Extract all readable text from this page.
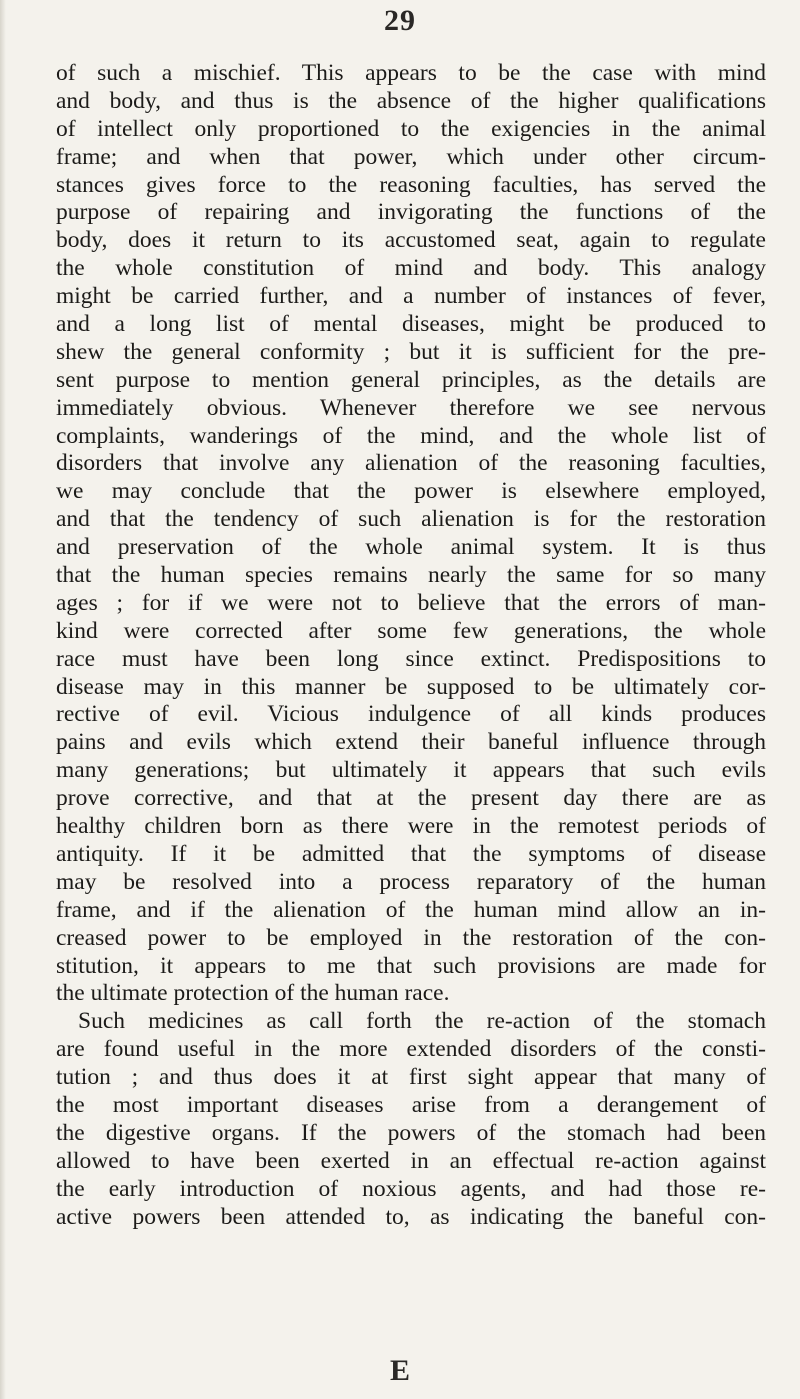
29
of such a mischief. This appears to be the case with mind
and body, and thus is the absence of the higher qualifications
of intellect only proportioned to the exigencies in the animal
frame; and when that power, which under other circum-
stances gives force to the reasoning faculties, has served the
purpose of repairing and invigorating the functions of the
body, does it return to its accustomed seat, again to regulate
the whole constitution of mind and body. This analogy
might be carried further, and a number of instances of fever,
and a long list of mental diseases, might be produced to
shew the general conformity ; but it is sufficient for the pre-
sent purpose to mention general principles, as the details are
immediately obvious. Whenever therefore we see nervous
complaints, wanderings of the mind, and the whole list of
disorders that involve any alienation of the reasoning faculties,
we may conclude that the power is elsewhere employed,
and that the tendency of such alienation is for the restoration
and preservation of the whole animal system. It is thus
that the human species remains nearly the same for so many
ages ; for if we were not to believe that the errors of man-
kind were corrected after some few generations, the whole
race must have been long since extinct. Predispositions to
disease may in this manner be supposed to be ultimately cor-
rective of evil. Vicious indulgence of all kinds produces
pains and evils which extend their baneful influence through
many generations; but ultimately it appears that such evils
prove corrective, and that at the present day there are as
healthy children born as there were in the remotest periods of
antiquity. If it be admitted that the symptoms of disease
may be resolved into a process reparatory of the human
frame, and if the alienation of the human mind allow an in-
creased power to be employed in the restoration of the con-
stitution, it appears to me that such provisions are made for
the ultimate protection of the human race.
Such medicines as call forth the re-action of the stomach
are found useful in the more extended disorders of the consti-
tution ; and thus does it at first sight appear that many of
the most important diseases arise from a derangement of
the digestive organs. If the powers of the stomach had been
allowed to have been exerted in an effectual re-action against
the early introduction of noxious agents, and had those re-
active powers been attended to, as indicating the baneful con-
E
